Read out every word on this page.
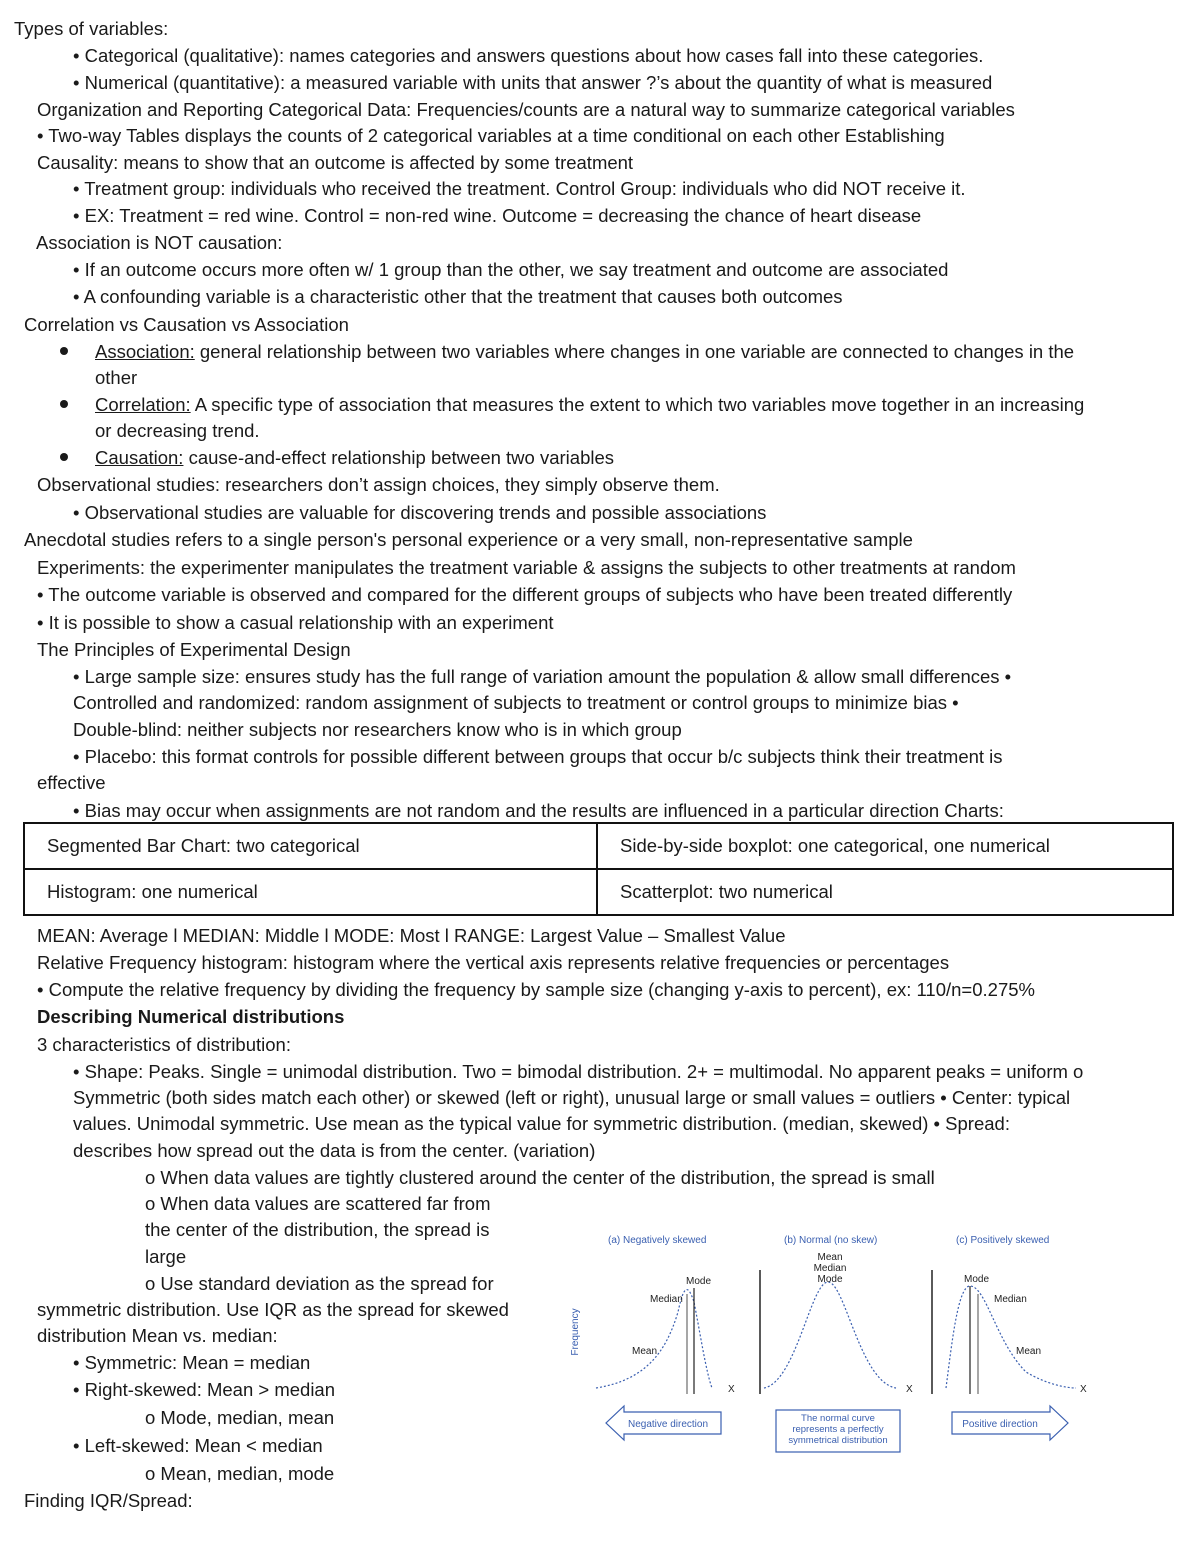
Types of variables:
• Categorical (qualitative): names categories and answers questions about how cases fall into these categories.
• Numerical (quantitative): a measured variable with units that answer ?’s about the quantity of what is measured
Organization and Reporting Categorical Data: Frequencies/counts are a natural way to summarize categorical variables
• Two-way Tables displays the counts of 2 categorical variables at a time conditional on each other Establishing
Causality: means to show that an outcome is affected by some treatment
• Treatment group: individuals who received the treatment. Control Group: individuals who did NOT receive it.
• EX: Treatment = red wine. Control = non-red wine. Outcome = decreasing the chance of heart disease
Association is NOT causation:
• If an outcome occurs more often w/ 1 group than the other, we say treatment and outcome are associated
• A confounding variable is a characteristic other that the treatment that causes both outcomes
Correlation vs Causation vs Association
Association: general relationship between two variables where changes in one variable are connected to changes in the
other
Correlation: A specific type of association that measures the extent to which two variables move together in an increasing
or decreasing trend.
Causation: cause-and-effect relationship between two variables
Observational studies: researchers don’t assign choices, they simply observe them.
• Observational studies are valuable for discovering trends and possible associations
Anecdotal studies refers to a single person's personal experience or a very small, non-representative sample
Experiments: the experimenter manipulates the treatment variable & assigns the subjects to other treatments at random
• The outcome variable is observed and compared for the different groups of subjects who have been treated differently
• It is possible to show a casual relationship with an experiment
The Principles of Experimental Design
• Large sample size: ensures study has the full range of variation amount the population & allow small differences •
Controlled and randomized: random assignment of subjects to treatment or control groups to minimize bias •
Double-blind: neither subjects nor researchers know who is in which group
• Placebo: this format controls for possible different between groups that occur b/c subjects think their treatment is
effective
• Bias may occur when assignments are not random and the results are influenced in a particular direction Charts:
Segmented Bar Chart: two categorical	Side-by-side boxplot: one categorical, one numerical
Histogram: one numerical	Scatterplot: two numerical
MEAN: Average l MEDIAN: Middle l MODE: Most l RANGE: Largest Value – Smallest Value
Relative Frequency histogram: histogram where the vertical axis represents relative frequencies or percentages
• Compute the relative frequency by dividing the frequency by sample size (changing y-axis to percent), ex: 110/n=0.275%
Describing Numerical distributions
3 characteristics of distribution:
• Shape: Peaks. Single = unimodal distribution. Two = bimodal distribution. 2+ = multimodal. No apparent peaks = uniform o
Symmetric (both sides match each other) or skewed (left or right), unusual large or small values = outliers • Center: typical
values. Unimodal symmetric. Use mean as the typical value for symmetric distribution. (median, skewed) • Spread:
describes how spread out the data is from the center. (variation)
o When data values are tightly clustered around the center of the distribution, the spread is small
o When data values are scattered far from
the center of the distribution, the spread is
large
o Use standard deviation as the spread for
symmetric distribution. Use IQR as the spread for skewed
distribution Mean vs. median:
• Symmetric: Mean = median
• Right-skewed: Mean > median
o Mode, median, mean
• Left-skewed: Mean < median
o Mean, median, mode
Finding IQR/Spread:
(a) Negatively skewed	(b) Normal (no skew)	(c) Positively skewed
Frequency
Mode
Median
Mean
X
Mean
Median
Mode
X
Mode
Median
Mean
X
Negative direction
The normal curve
represents a perfectly
symmetrical distribution
Positive direction
